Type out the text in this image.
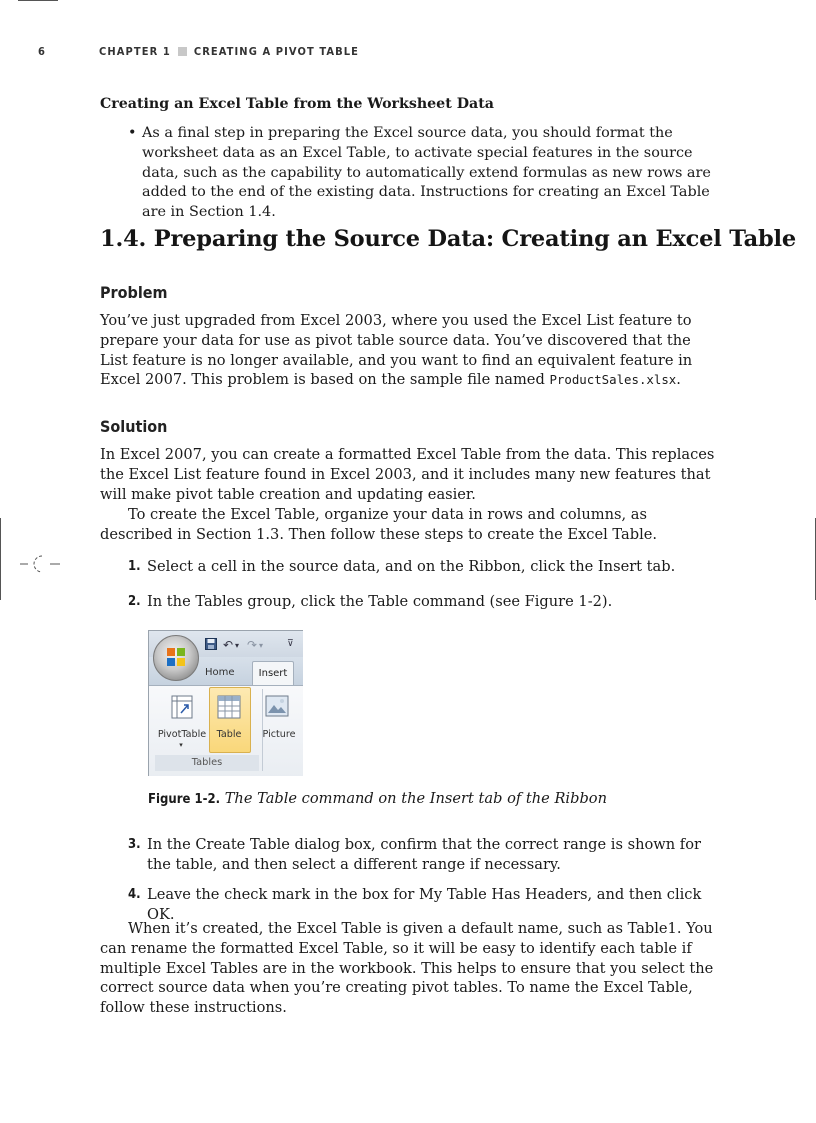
6	CHAPTER 1 CREATING A PIVOT TABLE
Creating an Excel Table from the Worksheet Data
• As a final step in preparing the Excel source data, you should format the worksheet data as an Excel Table, to activate special features in the source data, such as the capability to automatically extend formulas as new rows are added to the end of the existing data. Instructions for creating an Excel Table are in Section 1.4.
1.4. Preparing the Source Data: Creating an Excel Table
Problem
You’ve just upgraded from Excel 2003, where you used the Excel List feature to prepare your data for use as pivot table source data. You’ve discovered that the List feature is no longer available, and you want to find an equivalent feature in Excel 2007. This problem is based on the sample file named ProductSales.xlsx.
Solution
In Excel 2007, you can create a formatted Excel Table from the data. This replaces the Excel List feature found in Excel 2003, and it includes many new features that will make pivot table creation and updating easier.
To create the Excel Table, organize your data in rows and columns, as described in Section 1.3. Then follow these steps to create the Excel Table.
1. Select a cell in the source data, and on the Ribbon, click the Insert tab.
2. In the Tables group, click the Table command (see Figure 1-2).
↶ ▾ ↷ ▾	⊽
Home	Insert
PivotTable
▾
Table	Picture
Tables
Figure 1-2. The Table command on the Insert tab of the Ribbon
3. In the Create Table dialog box, confirm that the correct range is shown for the table, and then select a different range if necessary.
4. Leave the check mark in the box for My Table Has Headers, and then click OK.
When it’s created, the Excel Table is given a default name, such as Table1. You can rename the formatted Excel Table, so it will be easy to identify each table if multiple Excel Tables are in the workbook. This helps to ensure that you select the correct source data when you’re creating pivot tables. To name the Excel Table, follow these instructions.
